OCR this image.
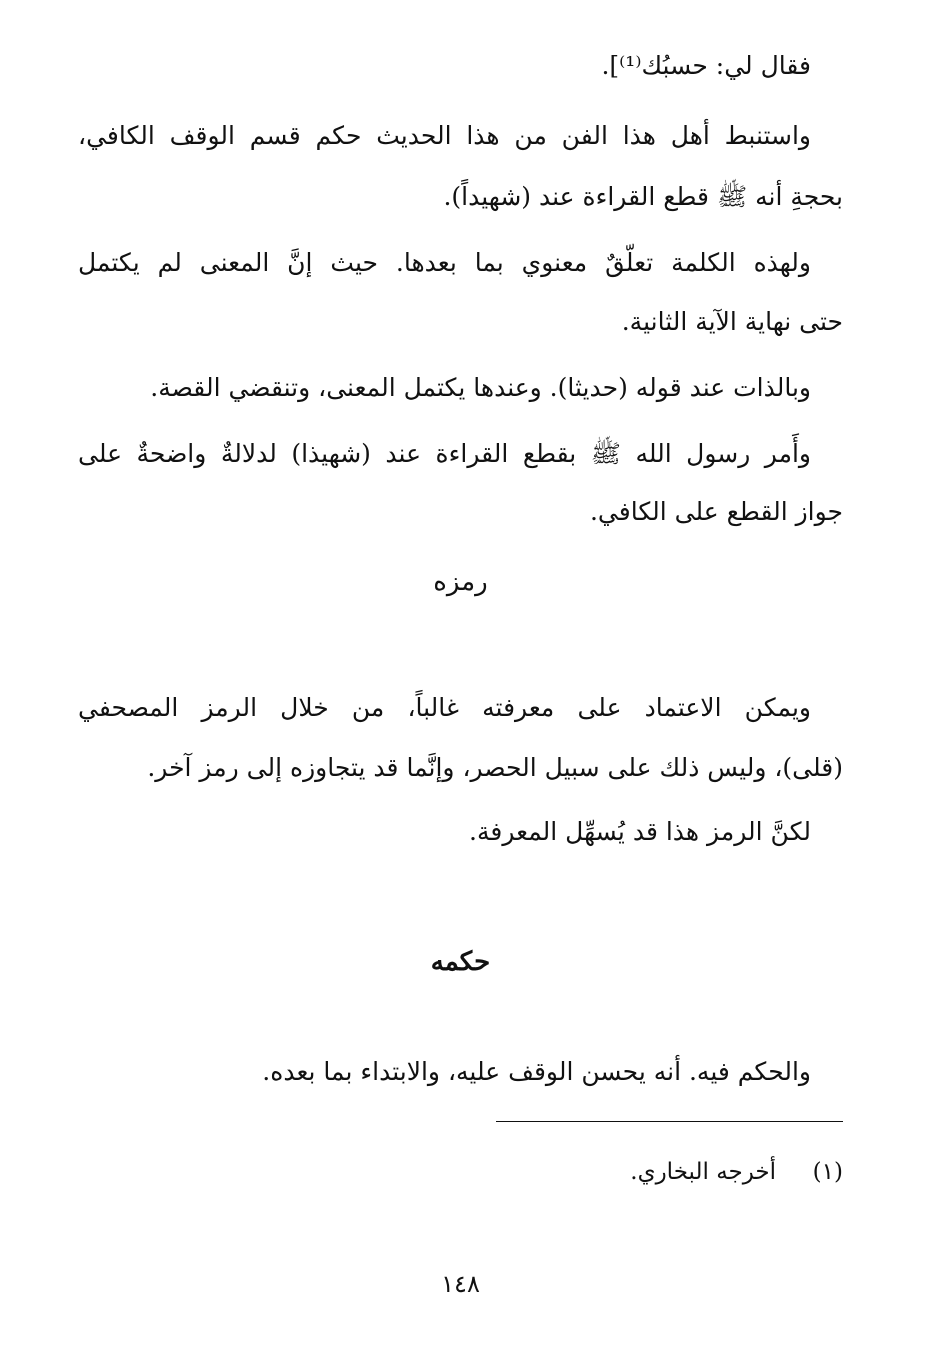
فقال لي: حسبُك⁽¹⁾].
واستنبط أهل هذا الفن من هذا الحديث حكم قسم الوقف الكافي،
بحجةِ أنه ﷺ قطع القراءة عند (شهيداً).
ولهذه الكلمة تعلّقٌ معنوي بما بعدها. حيث إنَّ المعنى لم يكتمل
حتى نهاية الآية الثانية.
وبالذات عند قوله (حديثا). وعندها يكتمل المعنى، وتنقضي القصة.
وأَمر رسول الله ﷺ بقطع القراءة عند (شهيذا) لدلالةٌ واضحةٌ على
جواز القطع على الكافي.
رمزه
ويمكن الاعتماد على معرفته غالباً، من خلال الرمز المصحفي
(قلى)، وليس ذلك على سبيل الحصر، وإنَّما قد يتجاوزه إلى رمز آخر.
لكنَّ الرمز هذا قد يُسهِّل المعرفة.
حكمه
والحكم فيه. أنه يحسن الوقف عليه، والابتداء بما بعده.
(١)  أخرجه البخاري.
١٤٨
